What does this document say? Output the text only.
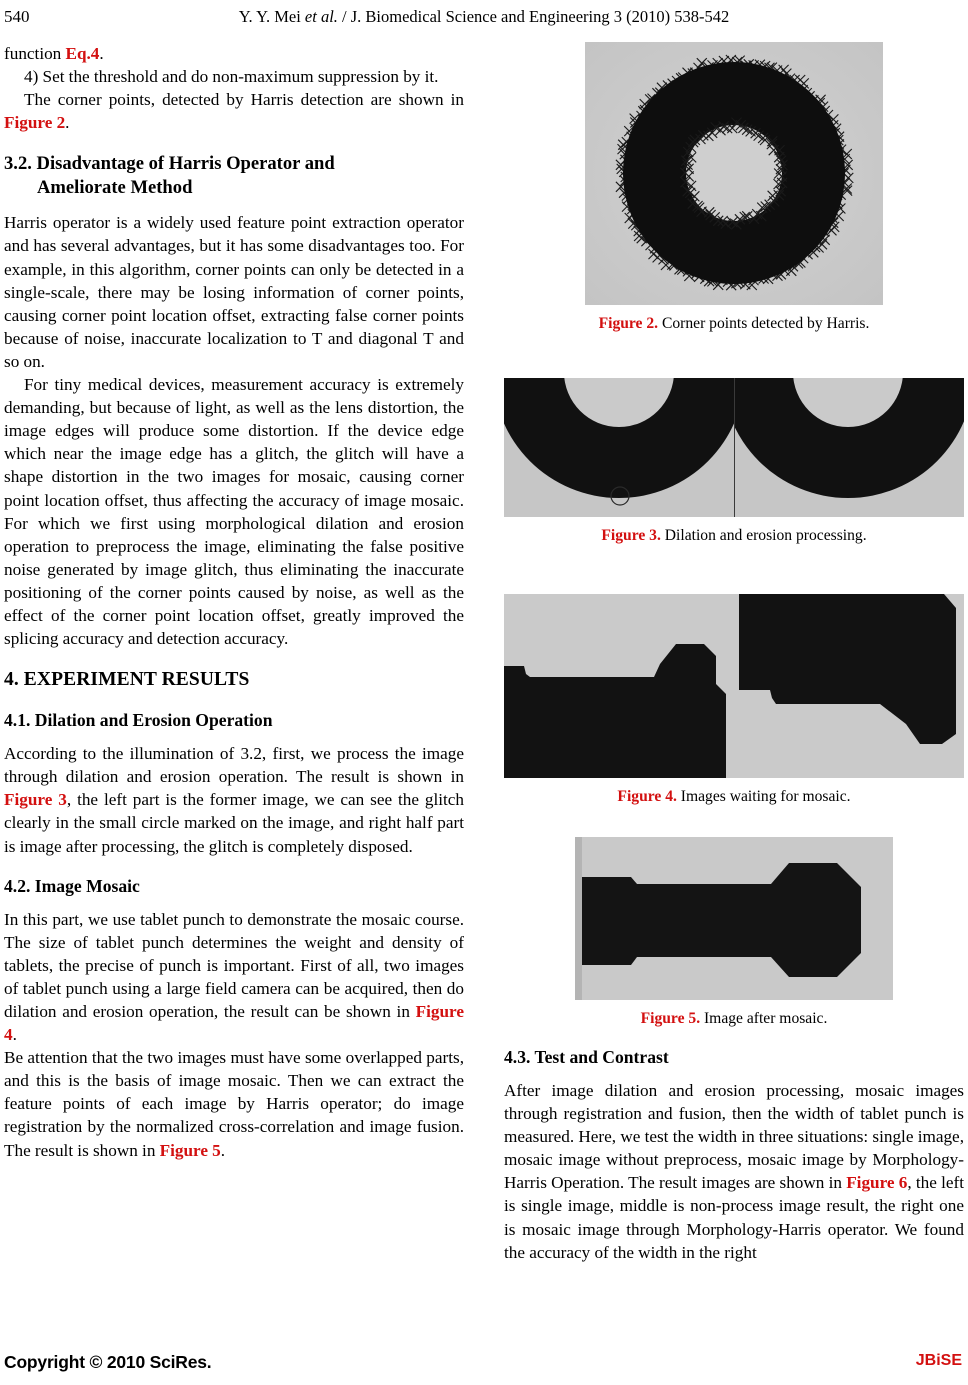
540	Y. Y. Mei et al. / J. Biomedical Science and Engineering 3 (2010) 538-542

function Eq.4.

4) Set the threshold and do non-maximum suppression by it.

The corner points, detected by Harris detection are shown in Figure 2.

3.2. Disadvantage of Harris Operator and
Ameliorate Method

Harris operator is a widely used feature point extraction operator and has several advantages, but it has some disadvantages too. For example, in this algorithm, corner points can only be detected in a single-scale, there may be losing information of corner points, causing corner point location offset, extracting false corner points because of noise, inaccurate localization to T and diagonal T and so on.

For tiny medical devices, measurement accuracy is extremely demanding, but because of light, as well as the lens distortion, the image edges will produce some distortion. If the device edge which near the image edge has a glitch, the glitch will have a shape distortion in the two images for mosaic, causing corner point location offset, thus affecting the accuracy of image mosaic. For which we first using morphological dilation and erosion operation to preprocess the image, eliminating the false positive noise generated by image glitch, thus eliminating the inaccurate positioning of the corner points caused by noise, as well as the effect of the corner point location offset, greatly improved the splicing accuracy and detection accuracy.

4. EXPERIMENT RESULTS
4.1. Dilation and Erosion Operation

According to the illumination of 3.2, first, we process the image through dilation and erosion operation. The result is shown in Figure 3, the left part is the former image, we can see the glitch clearly in the small circle marked on the image, and right half part is image after processing, the glitch is completely disposed.

4.2. Image Mosaic

In this part, we use tablet punch to demonstrate the mosaic course. The size of tablet punch determines the weight and density of tablets, the precise of punch is important. First of all, two images of tablet punch using a large field camera can be acquired, then do dilation and erosion operation, the result can be shown in Figure 4.

Be attention that the two images must have some overlapped parts, and this is the basis of image mosaic. Then we can extract the feature points of each image by Harris operator; do image registration by the normalized cross-correlation and image fusion. The result is shown in Figure 5.

Figure 2. Corner points detected by Harris.
Figure 3. Dilation and erosion processing.
Figure 4. Images waiting for mosaic.
Figure 5. Image after mosaic.
4.3. Test and Contrast

After image dilation and erosion processing, mosaic images through registration and fusion, then the width of tablet punch is measured. Here, we test the width in three situations: single image, mosaic image without preprocess, mosaic image by Morphology-Harris Operation. The result images are shown in Figure 6, the left is single image, middle is non-process image result, the right one is mosaic image through Morphology-Harris operator. We found the accuracy of the width in the right

Copyright © 2010 SciRes.	JBiSE
